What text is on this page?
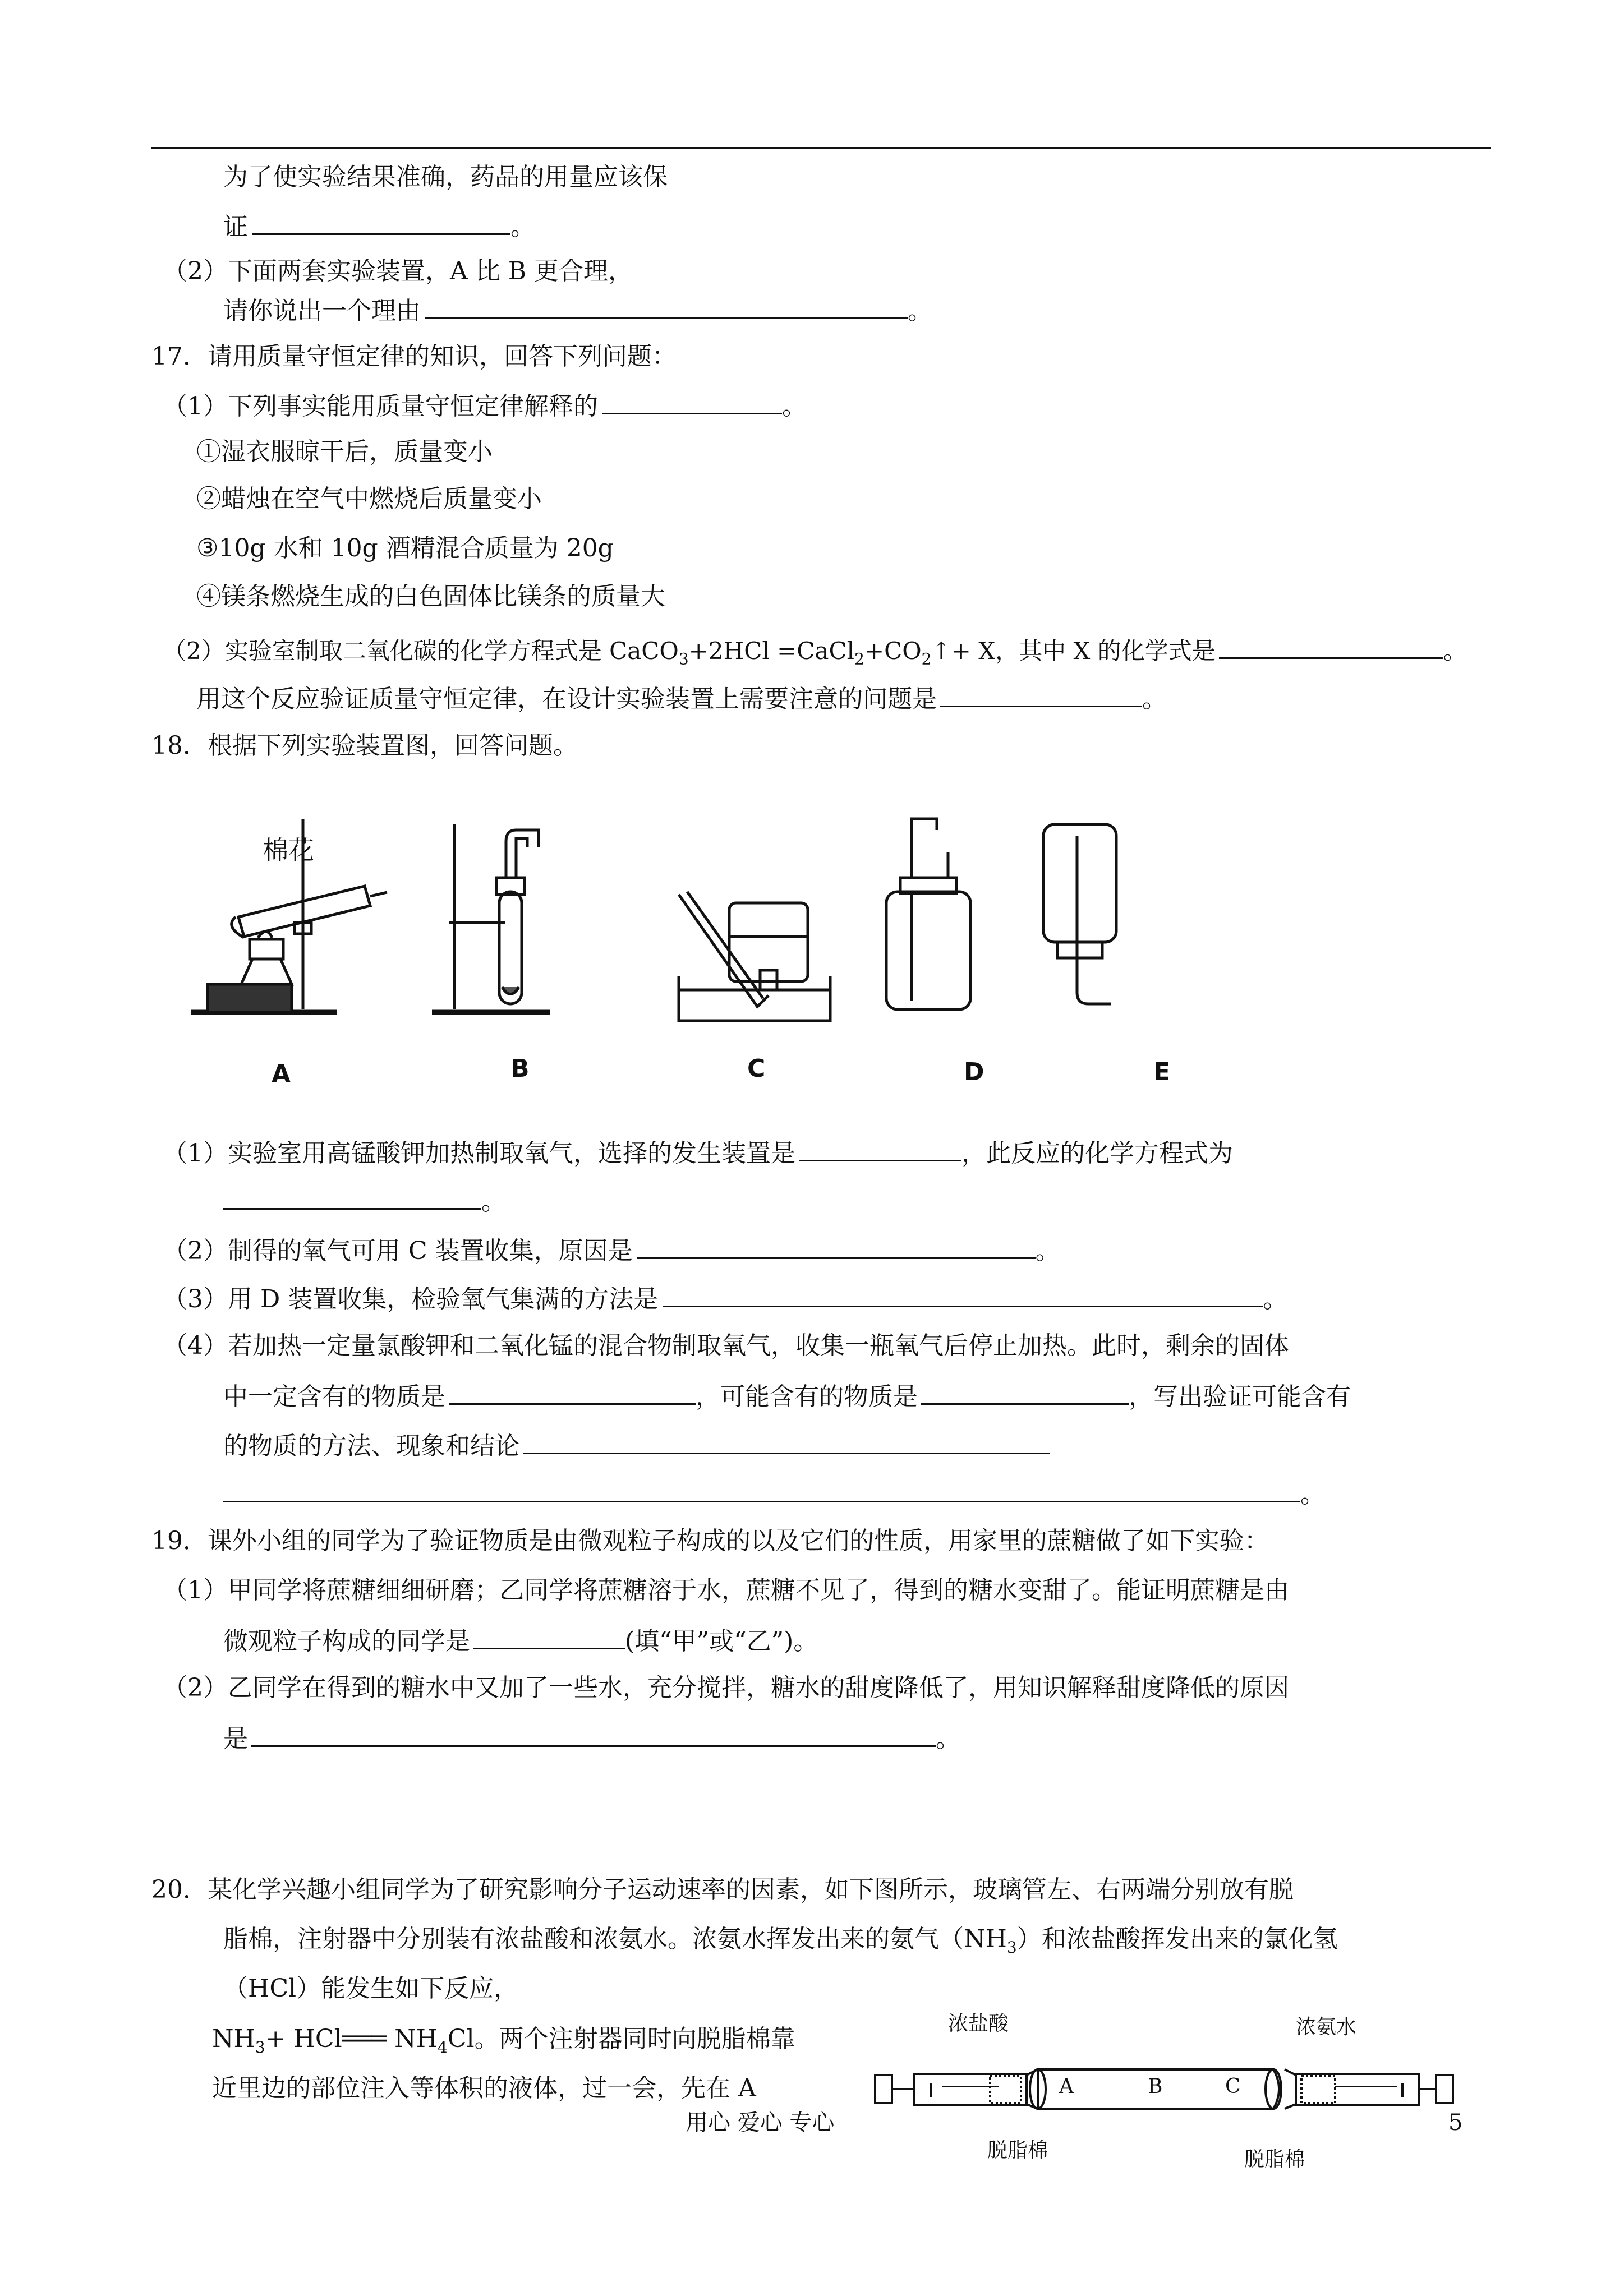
为了使实验结果准确，药品的用量应该保
证	。
（2）下面两套实验装置，A 比 B 更合理，
请你说出一个理由	。
17．请用质量守恒定律的知识，回答下列问题：
（1）下列事实能用质量守恒定律解释的	。
①湿衣服晾干后，质量变小
②蜡烛在空气中燃烧后质量变小
③10g 水和 10g 酒精混合质量为 20g
④镁条燃烧生成的白色固体比镁条的质量大
（2）实验室制取二氧化碳的化学方程式是 CaCO$_3$+2HCl $=CaCl_2+CO_2↑+ X$，其中 X 的化学式是	。
用这个反应验证质量守恒定律，在设计实验装置上需要注意的问题是	。
18．根据下列实验装置图，回答问题。
棉花
A	B	C	D	E
（1）实验室用高锰酸钾加热制取氧气，选择的发生装置是	，此反应的化学方程式为
。
（2）制得的氧气可用 C 装置收集，原因是	。
（3）用 D 装置收集，检验氧气集满的方法是	。
（4）若加热一定量氯酸钾和二氧化锰的混合物制取氧气，收集一瓶氧气后停止加热。此时，剩余的固体
中一定含有的物质是	，可能含有的物质是	，写出验证可能含有
的物质的方法、现象和结论
。
19．课外小组的同学为了验证物质是由微观粒子构成的以及它们的性质，用家里的蔗糖做了如下实验：
（1）甲同学将蔗糖细细研磨；乙同学将蔗糖溶于水，蔗糖不见了，得到的糖水变甜了。能证明蔗糖是由
微观粒子构成的同学是	(填“甲”或“乙”)。
（2）乙同学在得到的糖水中又加了一些水，充分搅拌，糖水的甜度降低了，用知识解释甜度降低的原因
是	。
20．某化学兴趣小组同学为了研究影响分子运动速率的因素，如下图所示，玻璃管左、右两端分别放有脱
脂棉，注射器中分别装有浓盐酸和浓氨水。浓氨水挥发出来的氨气$(NH_3)$和浓盐酸挥发出来的氯化氢
（HCl）能发生如下反应，
$NH_3+$ HCl═══ $NH_4Cl$。两个注射器同时向脱脂棉靠
近里边的部位注入等体积的液体，过一会，先在 A
浓盐酸	浓氨水
A	B	C
脱脂棉	脱脂棉
用心 爱心 专心	5
